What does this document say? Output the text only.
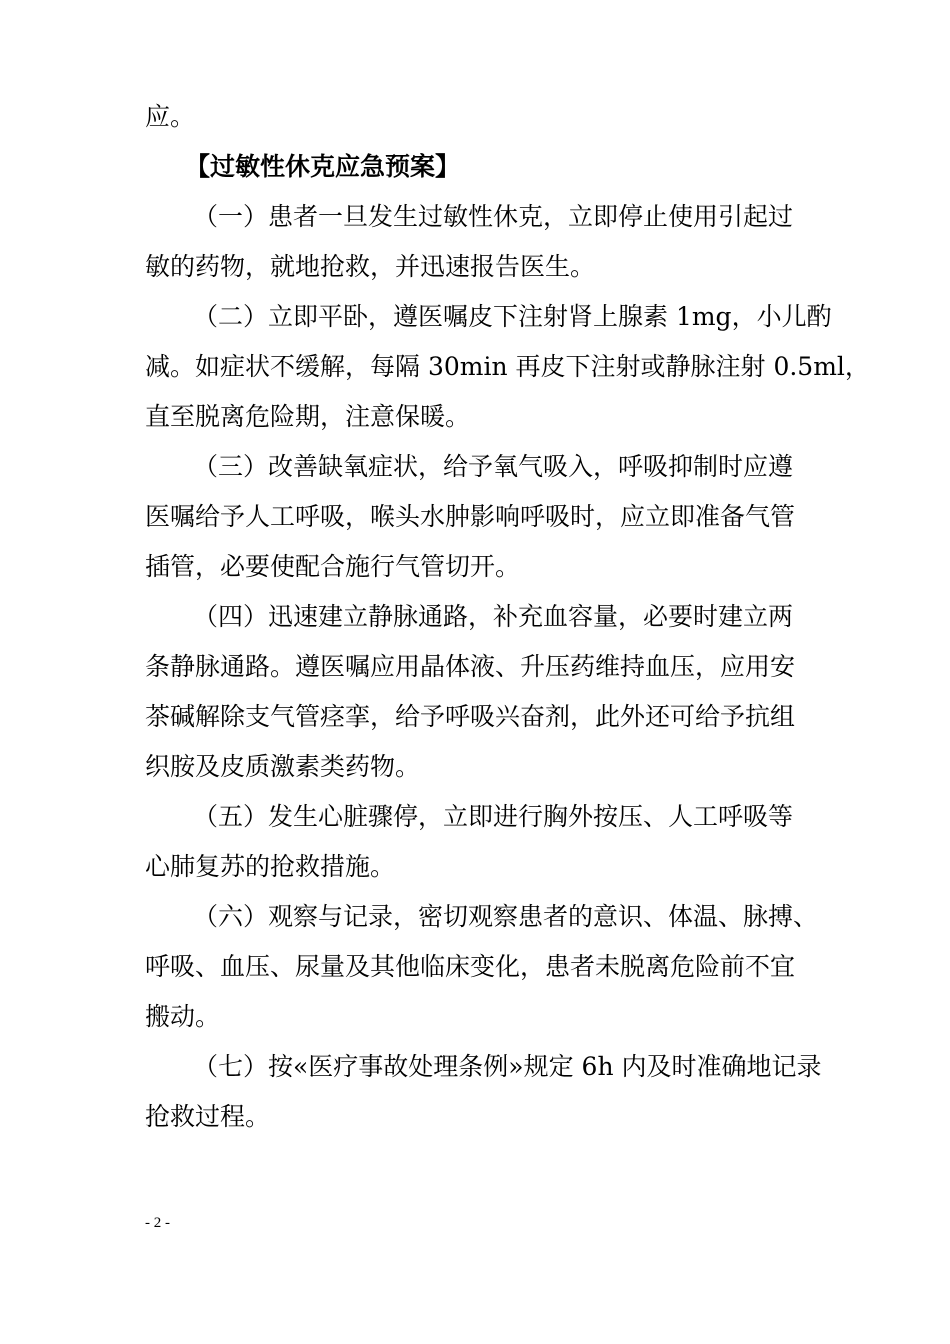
应。
【过敏性休克应急预案】
（一）患者一旦发生过敏性休克，立即停止使用引起过
敏的药物，就地抢救，并迅速报告医生。
（二）立即平卧，遵医嘱皮下注射肾上腺素 1mg，小儿酌
减。如症状不缓解，每隔 30min 再皮下注射或静脉注射 0.5ml，
直至脱离危险期，注意保暖。
（三）改善缺氧症状，给予氧气吸入，呼吸抑制时应遵
医嘱给予人工呼吸，喉头水肿影响呼吸时，应立即准备气管
插管，必要使配合施行气管切开。
（四）迅速建立静脉通路，补充血容量，必要时建立两
条静脉通路。遵医嘱应用晶体液、升压药维持血压，应用安
茶碱解除支气管痉挛，给予呼吸兴奋剂，此外还可给予抗组
织胺及皮质激素类药物。
（五）发生心脏骤停，立即进行胸外按压、人工呼吸等
心肺复苏的抢救措施。
（六）观察与记录，密切观察患者的意识、体温、脉搏、
呼吸、血压、尿量及其他临床变化，患者未脱离危险前不宜
搬动。
（七）按«医疗事故处理条例»规定 6h 内及时准确地记录
抢救过程。
- 2 -
